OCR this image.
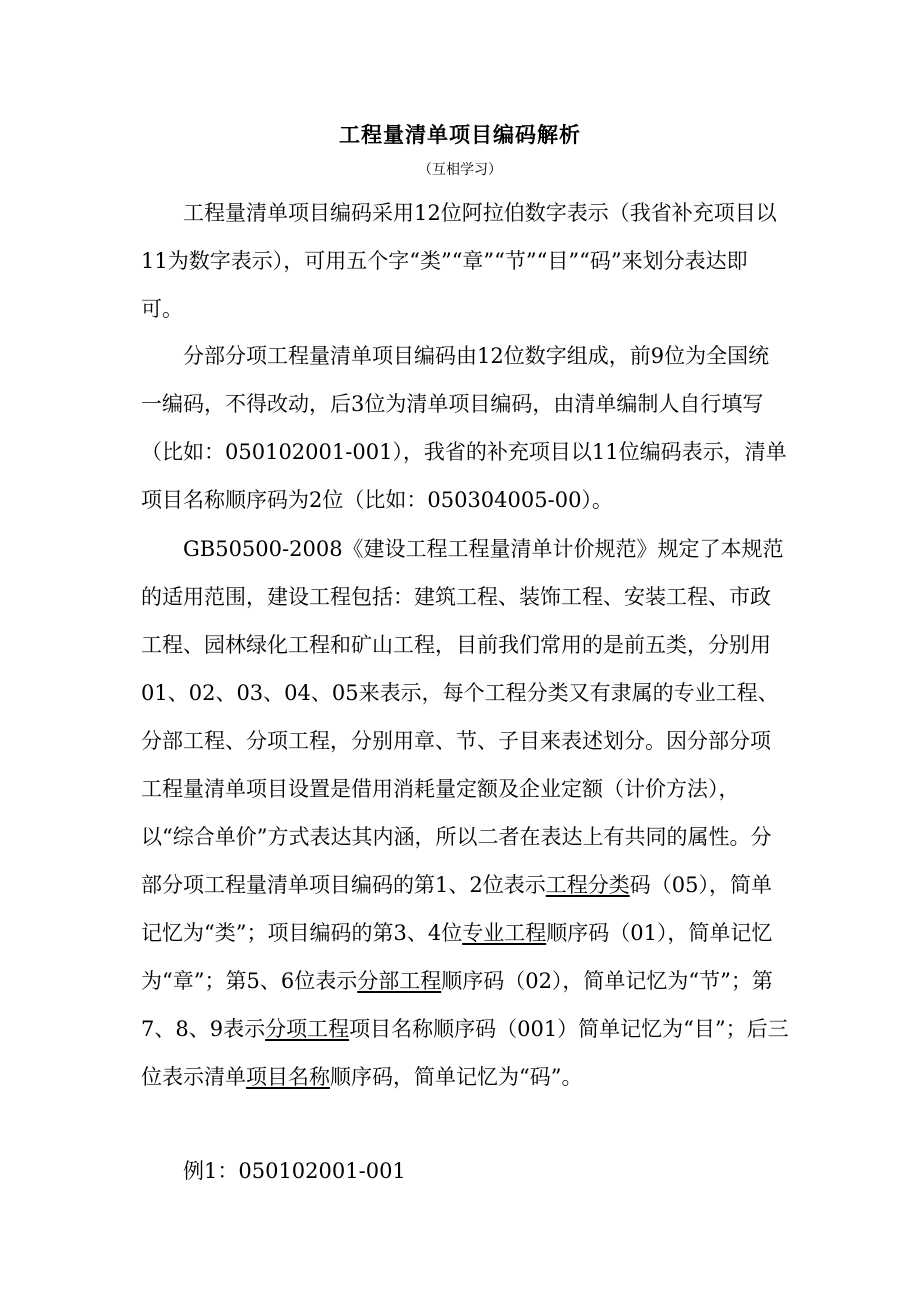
工程量清单项目编码解析
（互相学习）

工程量清单项目编码采用12位阿拉伯数字表示（我省补充项目以11为数字表示），可用五个字“类”“章”“节”“目”“码”来划分表达即可。

分部分项工程量清单项目编码由12位数字组成，前9位为全国统一编码，不得改动，后3位为清单项目编码，由清单编制人自行填写（比如：050102001-001），我省的补充项目以11位编码表示，清单项目名称顺序码为2位（比如：050304005-00）。

GB50500-2008《建设工程工程量清单计价规范》规定了本规范的适用范围，建设工程包括：建筑工程、装饰工程、安装工程、市政工程、园林绿化工程和矿山工程，目前我们常用的是前五类，分别用01、02、03、04、05来表示，每个工程分类又有隶属的专业工程、分部工程、分项工程，分别用章、节、子目来表述划分。因分部分项工程量清单项目设置是借用消耗量定额及企业定额（计价方法），以“综合单价”方式表达其内涵，所以二者在表达上有共同的属性。分部分项工程量清单项目编码的第1、2位表示工程分类码（05），简单记忆为“类”；项目编码的第3、4位专业工程顺序码（01），简单记忆为“章”；第5、6位表示分部工程顺序码（02），简单记忆为“节”；第7、8、9表示分项工程项目名称顺序码（001）简单记忆为“目”；后三位表示清单项目名称顺序码，简单记忆为“码”。

例1：050102001-001
